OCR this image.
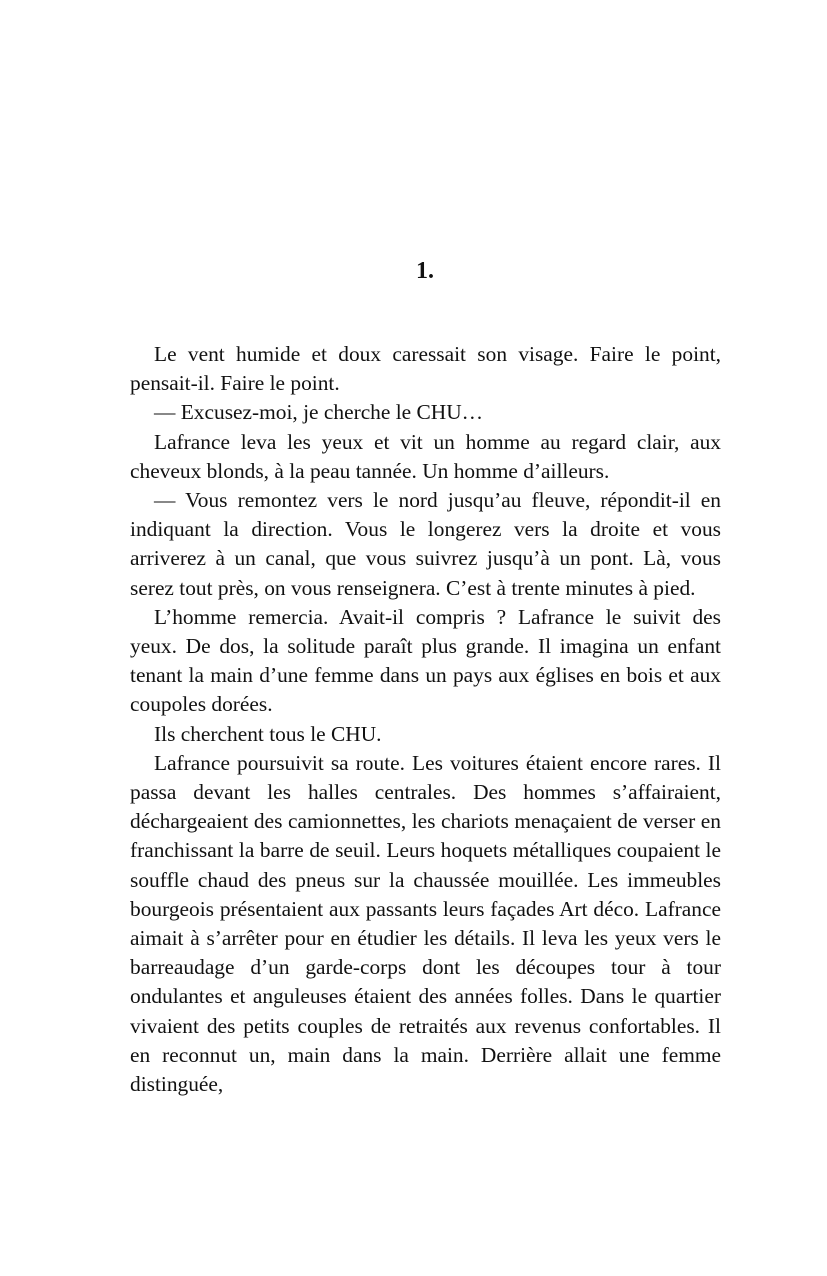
1.

Le vent humide et doux caressait son visage. Faire le point, pensait-il. Faire le point.

— Excusez-moi, je cherche le CHU…

Lafrance leva les yeux et vit un homme au regard clair, aux cheveux blonds, à la peau tannée. Un homme d’ailleurs.

— Vous remontez vers le nord jusqu’au fleuve, répondit-il en indiquant la direction. Vous le longerez vers la droite et vous arriverez à un canal, que vous suivrez jusqu’à un pont. Là, vous serez tout près, on vous renseignera. C’est à trente minutes à pied.

L’homme remercia. Avait-il compris ? Lafrance le suivit des yeux. De dos, la solitude paraît plus grande. Il imagina un enfant tenant la main d’une femme dans un pays aux églises en bois et aux coupoles dorées.

Ils cherchent tous le CHU.

Lafrance poursuivit sa route. Les voitures étaient encore rares. Il passa devant les halles centrales. Des hommes s’affairaient, déchargeaient des camionnettes, les chariots menaçaient de verser en franchissant la barre de seuil. Leurs hoquets métalliques coupaient le souffle chaud des pneus sur la chaussée mouillée. Les immeubles bourgeois présentaient aux passants leurs façades Art déco. Lafrance aimait à s’arrêter pour en étudier les détails. Il leva les yeux vers le barreaudage d’un garde-corps dont les découpes tour à tour ondulantes et anguleuses étaient des années folles. Dans le quartier vivaient des petits couples de retraités aux revenus confortables. Il en reconnut un, main dans la main. Derrière allait une femme distinguée,
